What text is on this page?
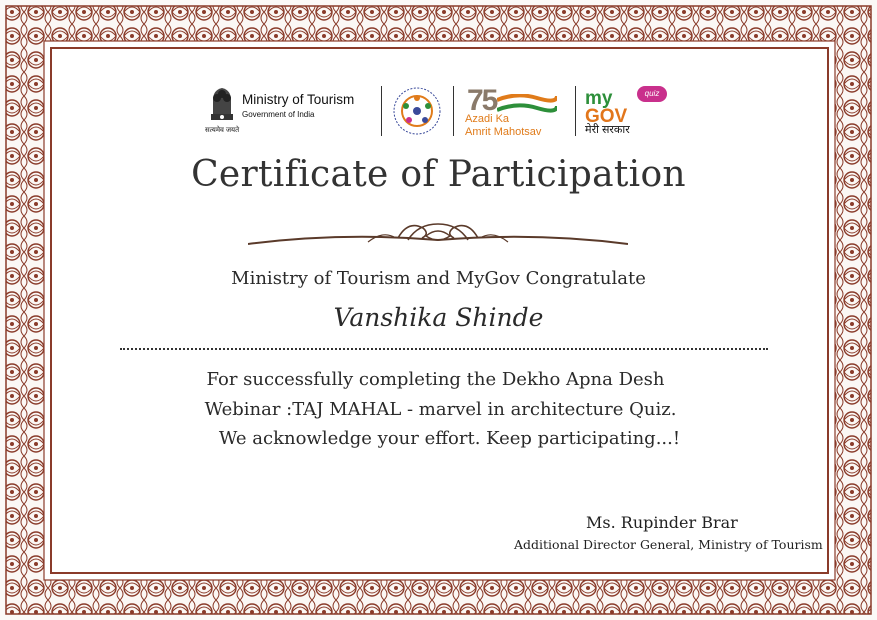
सत्यमेव जयते
Ministry of Tourism
Government of India	75
Azadi Ka
Amrit Mahotsav
my
GOV
quiz
मेरी सरकार
Certificate of Participation
Ministry of Tourism and MyGov Congratulate
Vanshika Shinde
For successfully completing the Dekho Apna Desh
Webinar :TAJ MAHAL - marvel in architecture Quiz.
We acknowledge your effort. Keep participating...!
Ms. Rupinder Brar
Additional Director General, Ministry of Tourism
